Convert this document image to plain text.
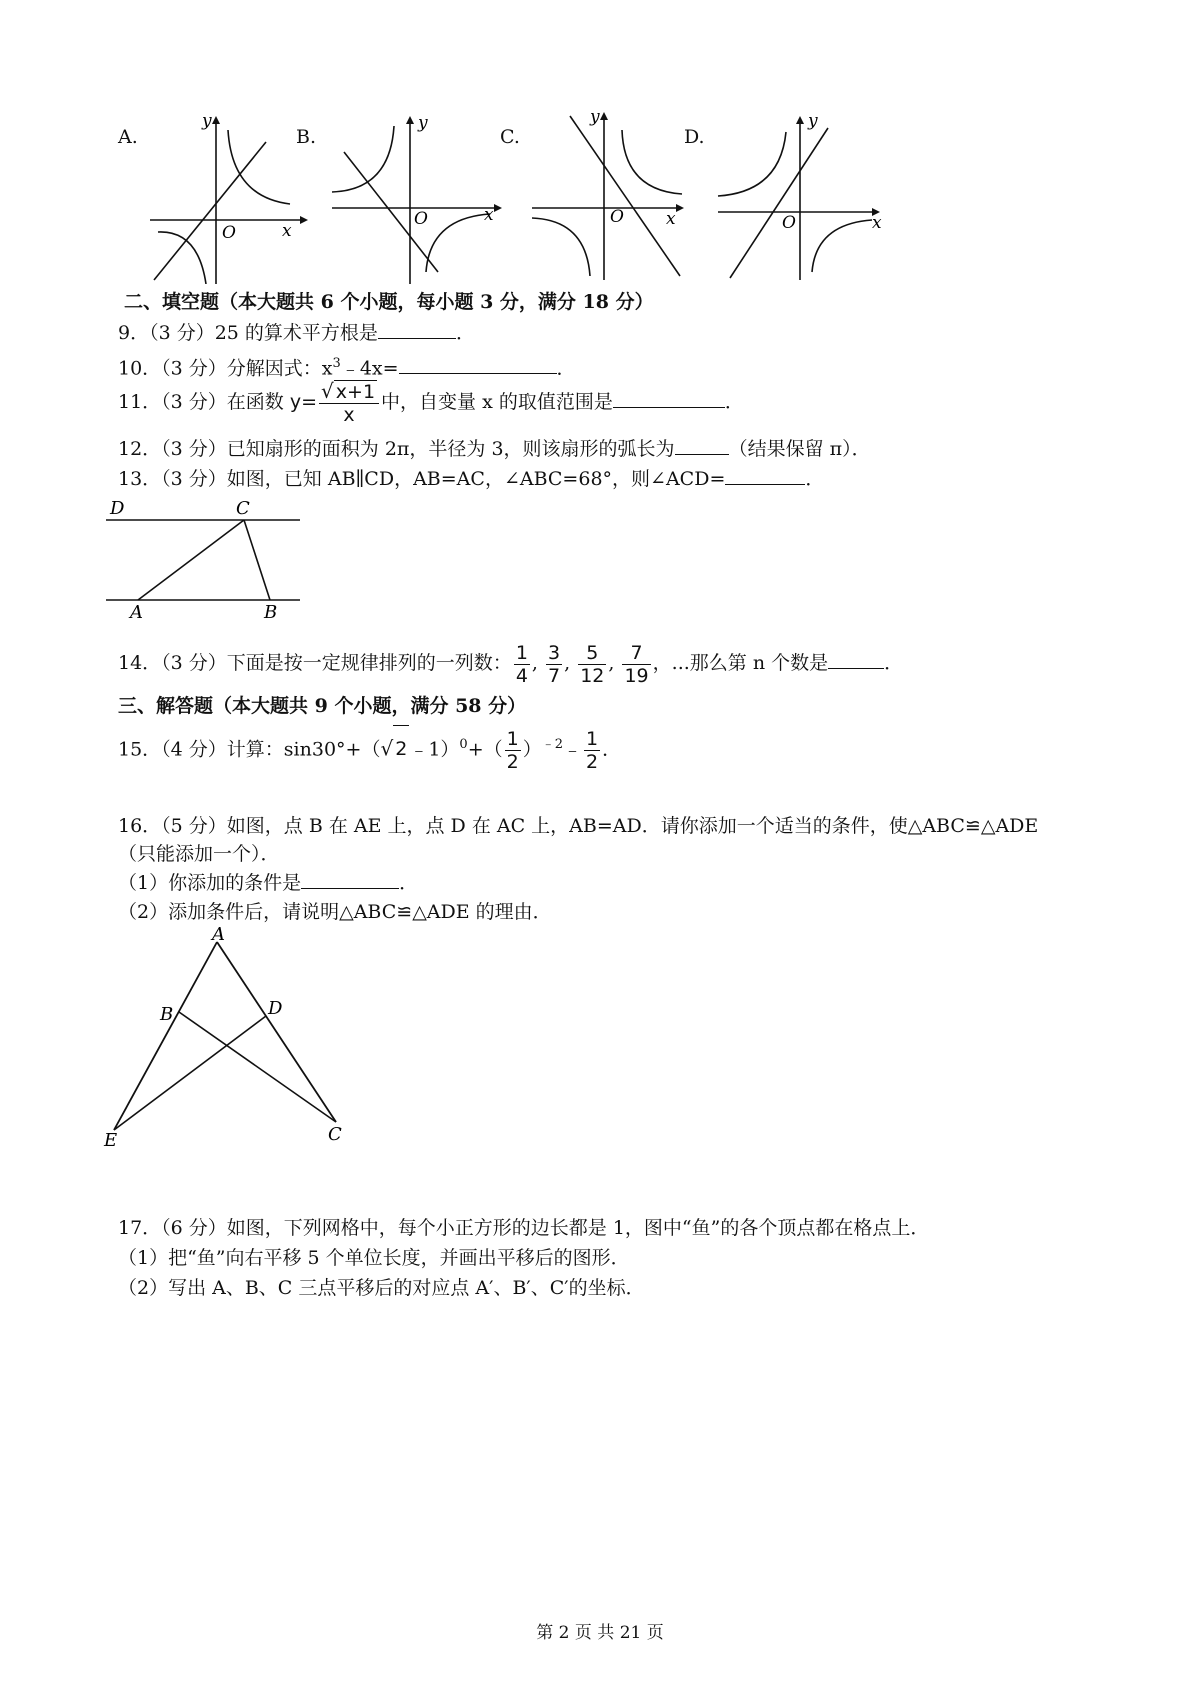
A.
y
x
O
B.
y
x
O
C.
y
x
O
D.
y
x
O
二、填空题（本大题共 6 个小题，每小题 3 分，满分 18 分）
9．（3 分）25 的算术平方根是	．
10．（3 分）分解因式：$x^3﹣4x=$	．
11．（3 分）在函数 $y= \frac{√ x+1}{x}$ 中，自变量 x 的取值范围是	．
12．（3 分）已知扇形的面积为 2π，半径为 3，则该扇形的弧长为	（结果保留 π）．
13．（3 分）如图，已知 AB∥CD，AB=AC，∠ABC=68°，则∠ACD=	．
D	C
A	B
14．（3 分）下面是按一定规律排列的一列数： $\frac{1}{4}$ , $\frac{3}{7}$ , $\frac{5}{12}$ , $\frac{7}{19}$ ，...那么第 n 个数是	．
三、解答题（本大题共 9 个小题，满分 58 分）
15．（4 分）计算：sin30°+（√ 2 ﹣1）$^0$+（ $\frac{1}{2}$ ）$^{﹣2}$﹣ $\frac{1}{2}$ ．
16．（5 分）如图，点 B 在 AE 上，点 D 在 AC 上，AB=AD．请你添加一个适当的条件，使△ABC≌△ADE
（只能添加一个）．
（1）你添加的条件是	．
（2）添加条件后，请说明△ABC≌△ADE 的理由．
A
B	D
E	C
17．（6 分）如图，下列网格中，每个小正方形的边长都是 1，图中“鱼”的各个顶点都在格点上．
（1）把“鱼”向右平移 5 个单位长度，并画出平移后的图形．
（2）写出 A、B、C 三点平移后的对应点 A′、B′、C′的坐标．
第 2 页 共 21 页
